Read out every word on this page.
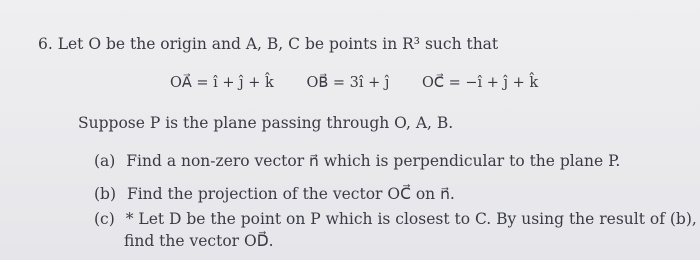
6. Let O be the origin and A, B, C be points in R³ such that
OA⃗ = î + ĵ + k̂ OB⃗ = 3î + ĵ OC⃗ = −î + ĵ + k̂
Suppose P is the plane passing through O, A, B.
(a) Find a non-zero vector n⃗ which is perpendicular to the plane P.
(b) Find the projection of the vector OC⃗ on n⃗.
(c) * Let D be the point on P which is closest to C. By using the result of (b),
find the vector OD⃗.
